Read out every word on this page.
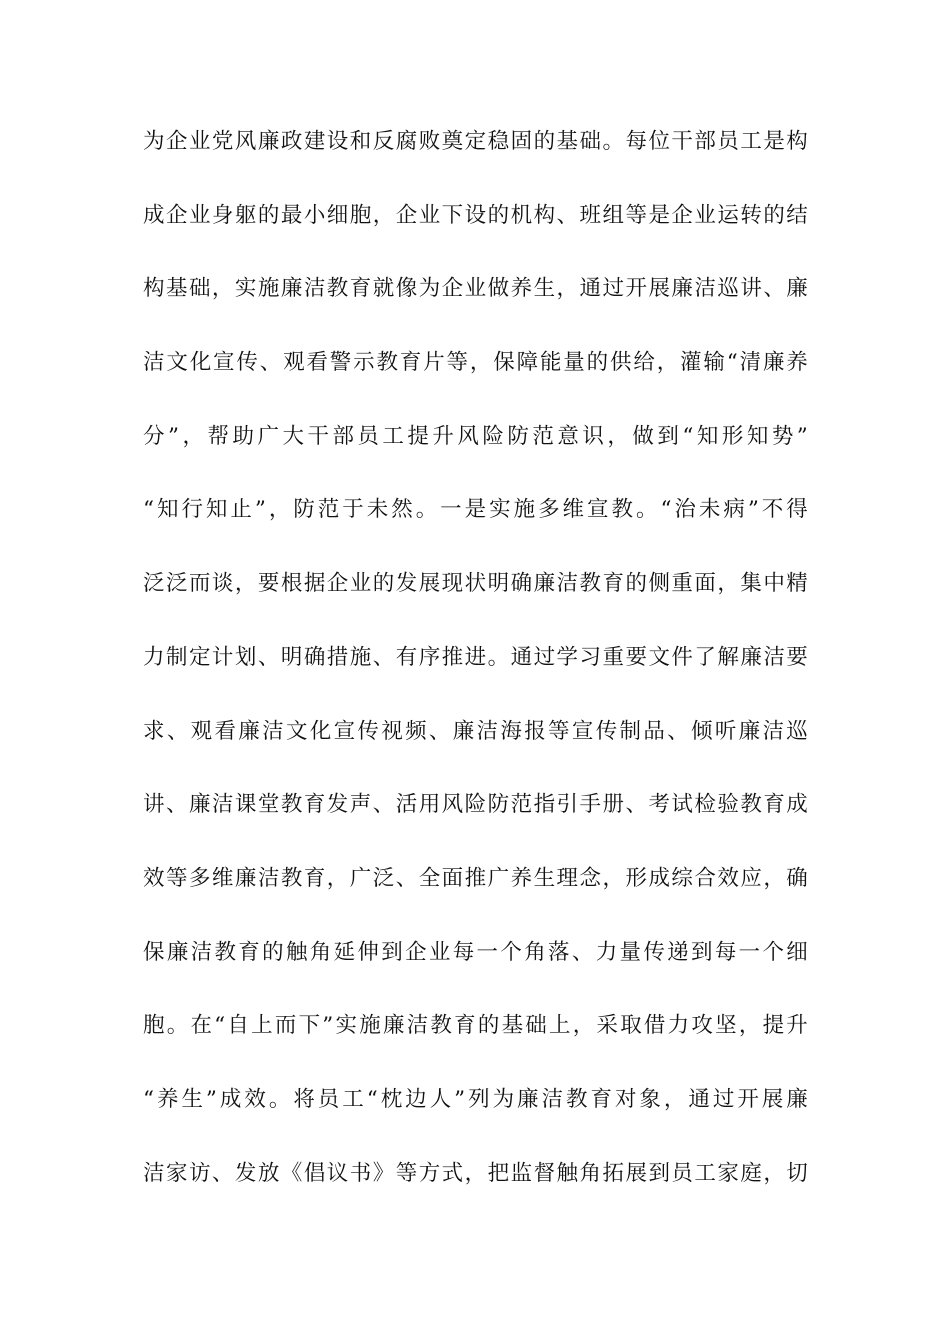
为企业党风廉政建设和反腐败奠定稳固的基础。每位干部员工是构
成企业身躯的最小细胞，企业下设的机构、班组等是企业运转的结
构基础，实施廉洁教育就像为企业做养生，通过开展廉洁巡讲、廉
洁文化宣传、观看警示教育片等，保障能量的供给，灌输“清廉养
分”，帮助广大干部员工提升风险防范意识，做到“知形知势”
“知行知止”，防范于未然。一是实施多维宣教。“治未病”不得
泛泛而谈，要根据企业的发展现状明确廉洁教育的侧重面，集中精
力制定计划、明确措施、有序推进。通过学习重要文件了解廉洁要
求、观看廉洁文化宣传视频、廉洁海报等宣传制品、倾听廉洁巡
讲、廉洁课堂教育发声、活用风险防范指引手册、考试检验教育成
效等多维廉洁教育，广泛、全面推广养生理念，形成综合效应，确
保廉洁教育的触角延伸到企业每一个角落、力量传递到每一个细
胞。在“自上而下”实施廉洁教育的基础上，采取借力攻坚，提升
“养生”成效。将员工“枕边人”列为廉洁教育对象，通过开展廉
洁家访、发放《倡议书》等方式，把监督触角拓展到员工家庭，切
